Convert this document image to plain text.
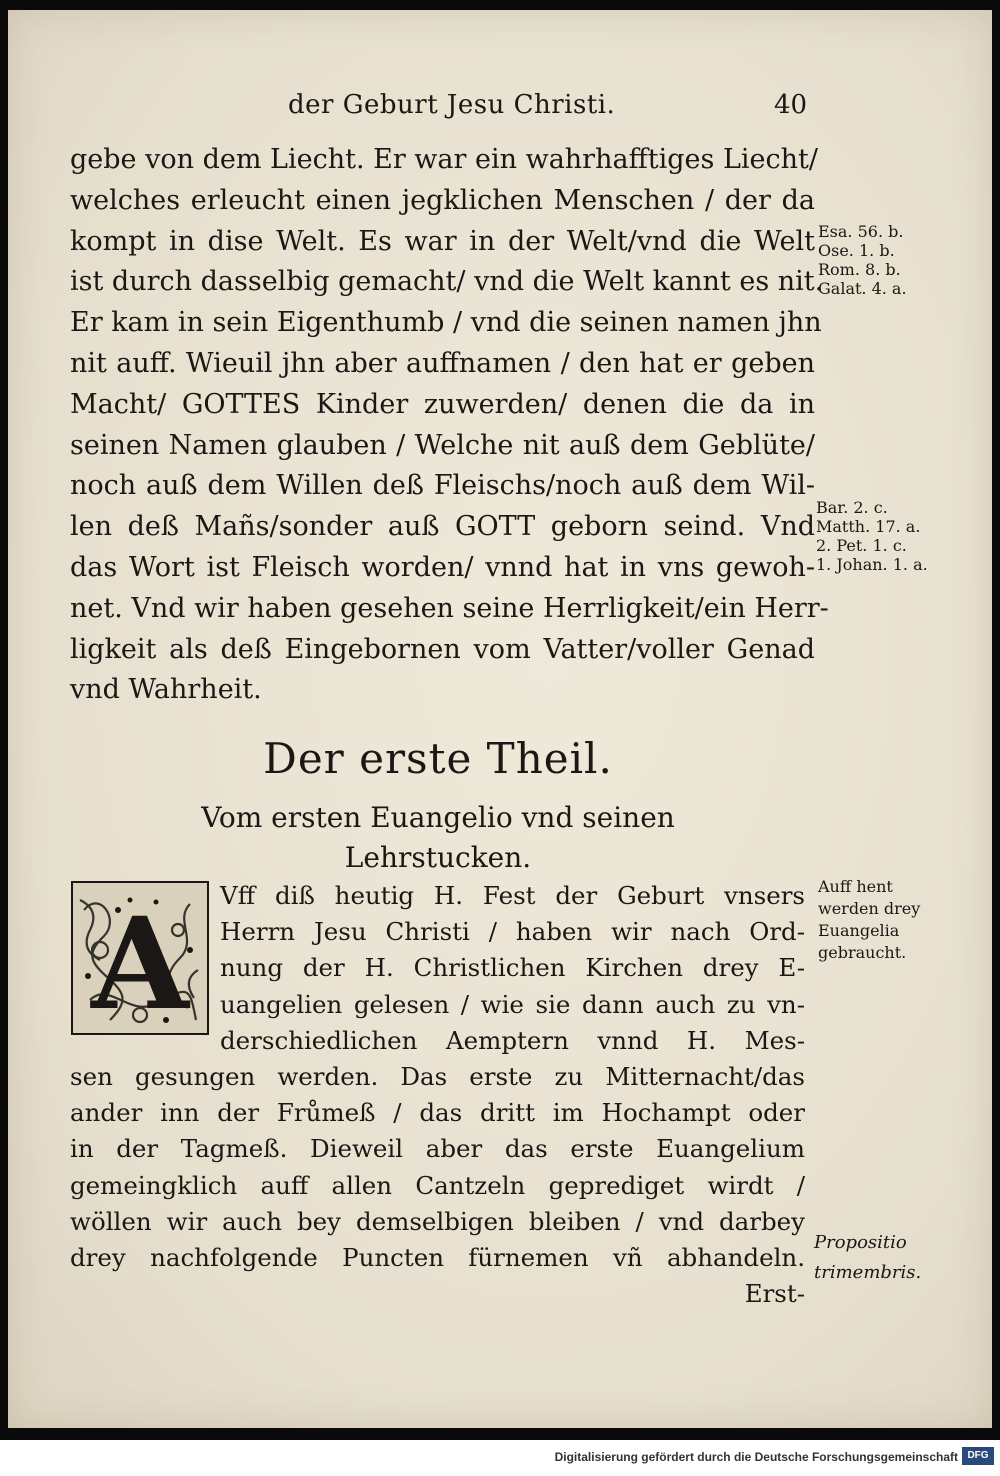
der Geburt Jesu Christi.	40
gebe von dem Liecht. Er war ein wahrhafftiges Liecht/
welches erleucht einen jegklichen Menschen / der da
kompt in dise Welt. Es war in der Welt/vnd die Welt
ist durch dasselbig gemacht/ vnd die Welt kannt es nit.
Er kam in sein Eigenthumb / vnd die seinen namen jhn
nit auff. Wieuil jhn aber auffnamen / den hat er geben
Macht/ GOTTES Kinder zuwerden/ denen die da in
seinen Namen glauben / Welche nit auß dem Geblüte/
noch auß dem Willen deß Fleischs/noch auß dem Wil-
len deß Mañs/sonder auß GOTT geborn seind. Vnd
das Wort ist Fleisch worden/ vnnd hat in vns gewoh-
net. Vnd wir haben gesehen seine Herrligkeit/ein Herr-
ligkeit als deß Eingebornen vom Vatter/voller Genad
vnd Wahrheit.
Esa. 56. b.
Ose. 1. b.
Rom. 8. b.
Galat. 4. a.
Bar. 2. c.
Matth. 17. a.
2. Pet. 1. c.
1. Johan. 1. a.
Der erste Theil.
Vom ersten Euangelio vnd seinen
Lehrstucken.
A Vff diß heutig H. Fest der Geburt vnsers
Herrn Jesu Christi / haben wir nach Ord-
nung der H. Christlichen Kirchen drey E-
uangelien gelesen / wie sie dann auch zu vn-
derschiedlichen Aemptern vnnd H. Mes-
sen gesungen werden. Das erste zu Mitternacht/das
ander inn der Frůmeß / das dritt im Hochampt oder
in der Tagmeß. Dieweil aber das erste Euangelium
gemeingklich auff allen Cantzeln geprediget wirdt /
wöllen wir auch bey demselbigen bleiben / vnd darbey
drey nachfolgende Puncten fürnemen vñ abhandeln.
Erst-
Auff hent
werden drey
Euangelia
gebraucht.
Propositio
trimembris.
Digitalisierung gefördert durch die Deutsche Forschungsgemeinschaft DFG
